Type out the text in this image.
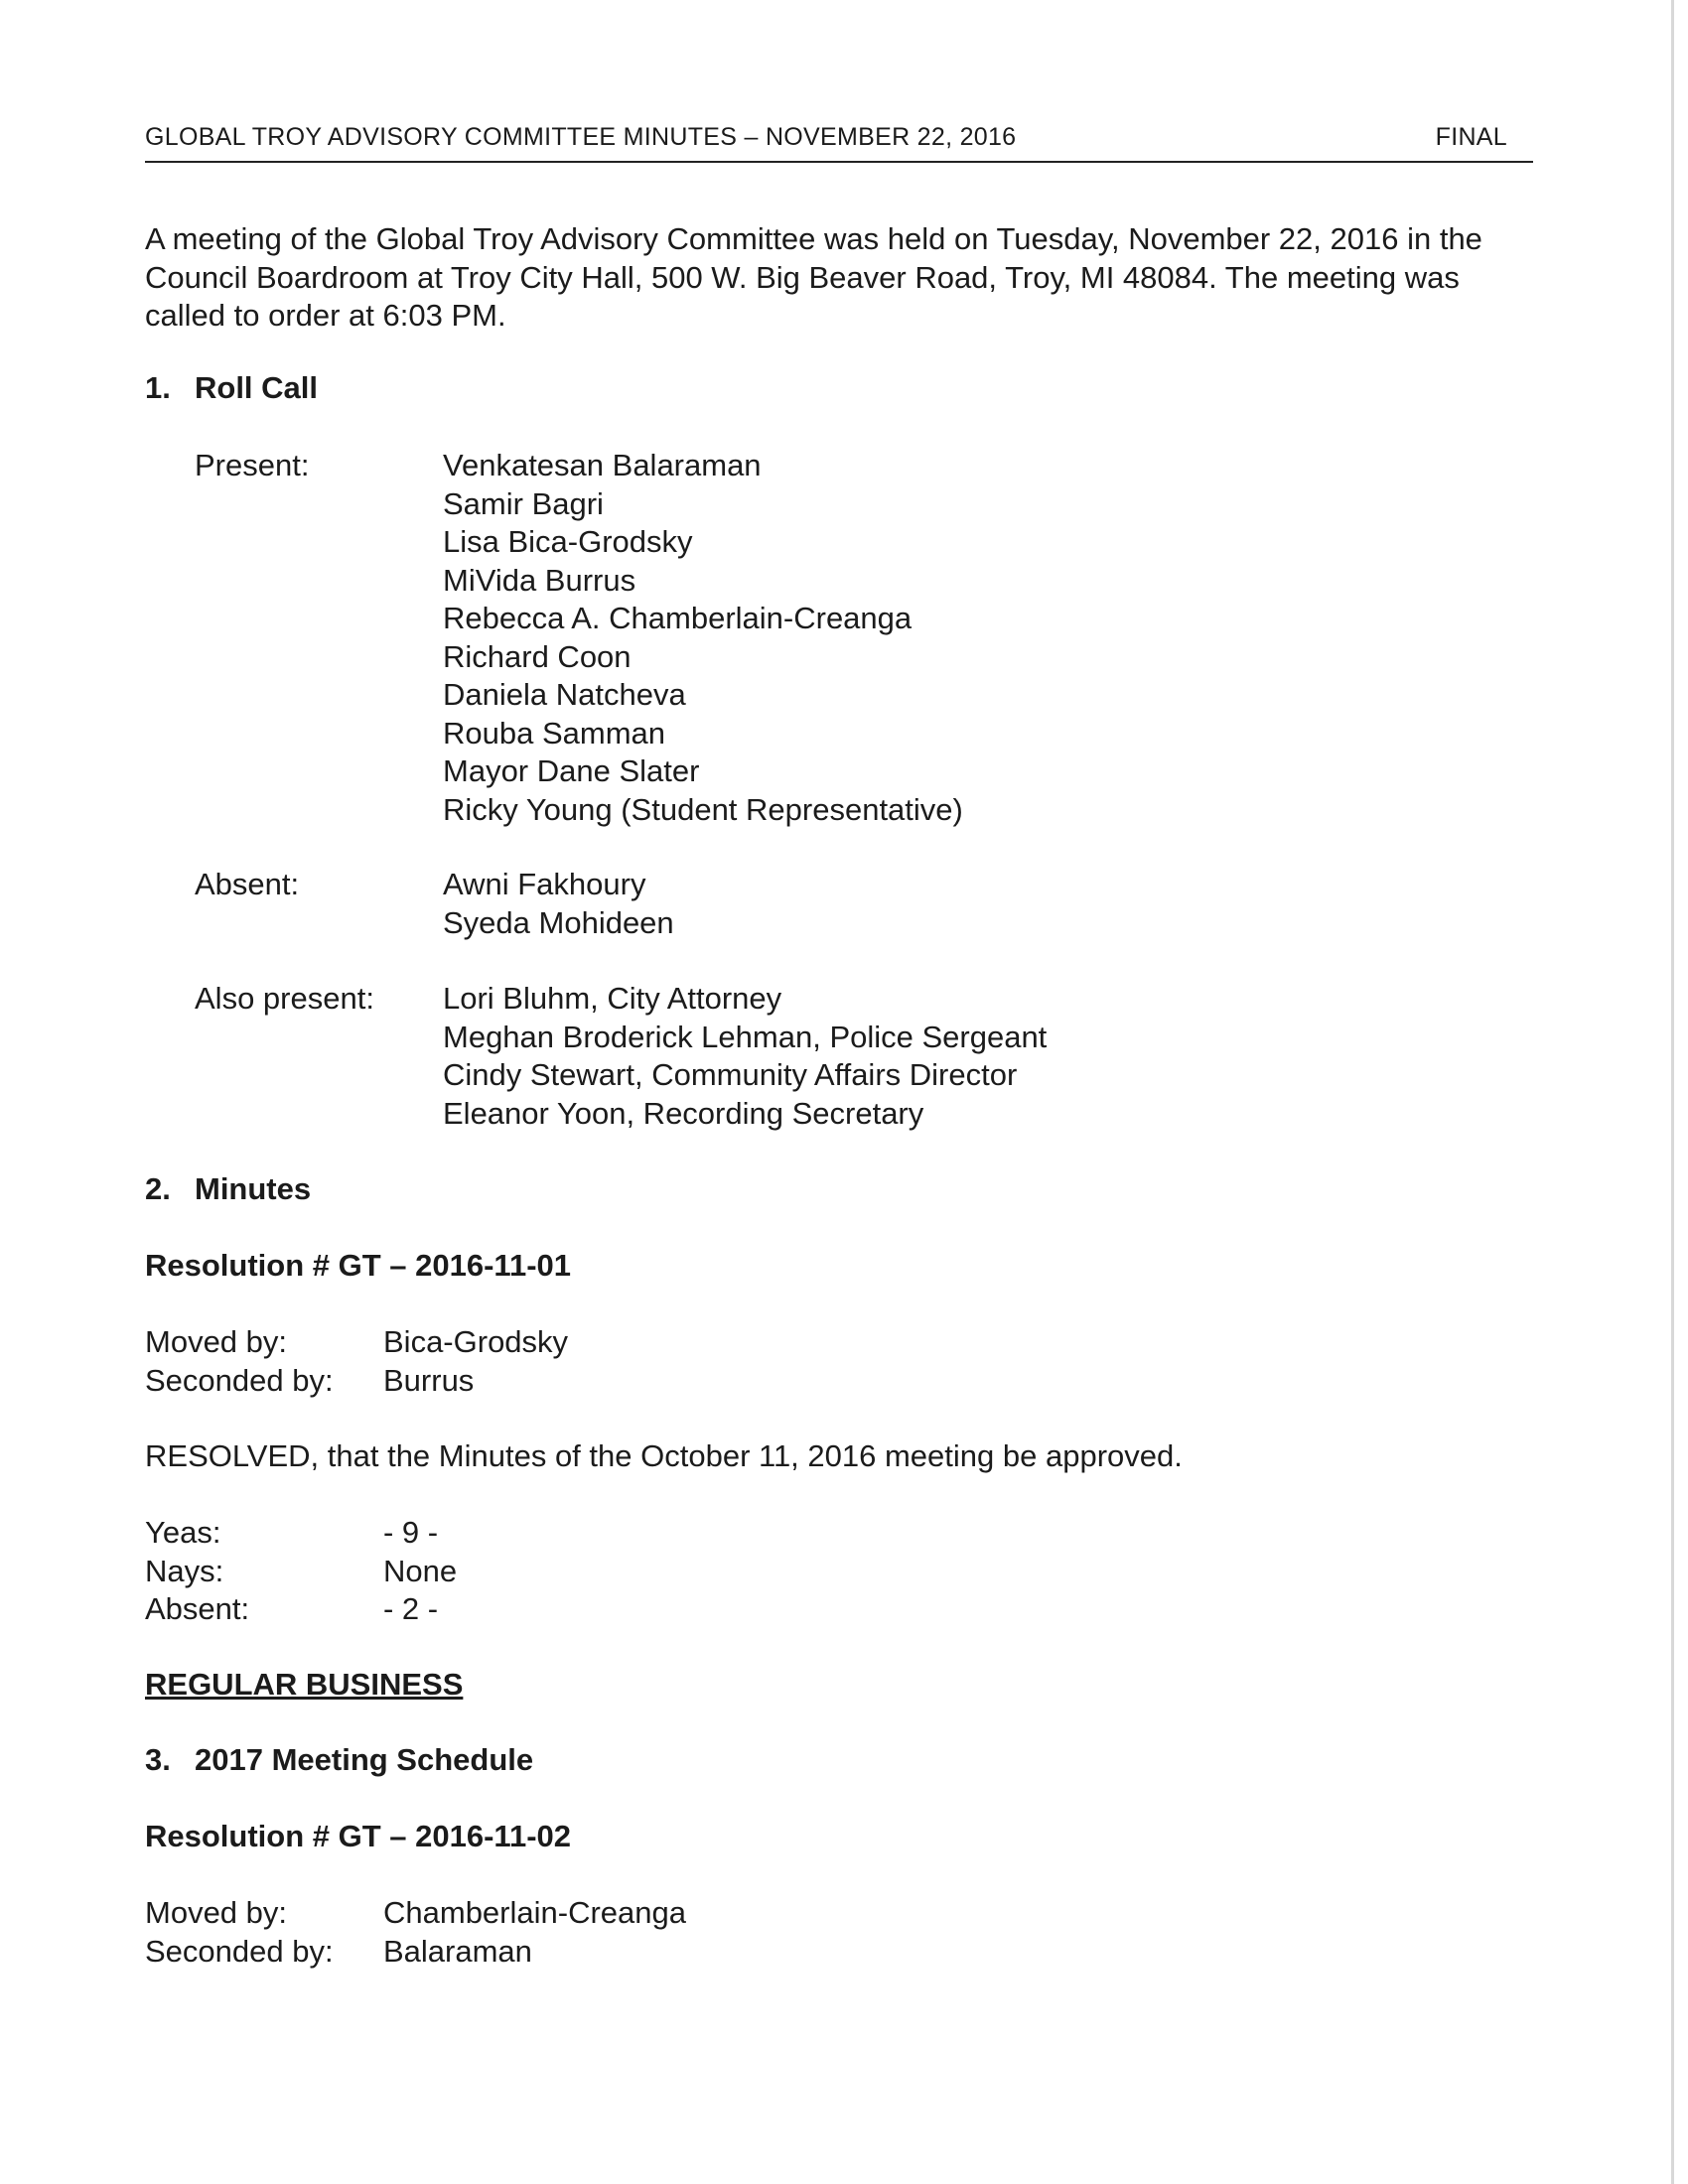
GLOBAL TROY ADVISORY COMMITTEE MINUTES – NOVEMBER 22, 2016	FINAL
A meeting of the Global Troy Advisory Committee was held on Tuesday, November 22, 2016 in the Council Boardroom at Troy City Hall, 500 W. Big Beaver Road, Troy, MI 48084. The meeting was called to order at 6:03 PM.
1. Roll Call
Present:	Venkatesan Balaraman
Samir Bagri
Lisa Bica-Grodsky
MiVida Burrus
Rebecca A. Chamberlain-Creanga
Richard Coon
Daniela Natcheva
Rouba Samman
Mayor Dane Slater
Ricky Young (Student Representative)
Absent:	Awni Fakhoury
Syeda Mohideen
Also present: Lori Bluhm, City Attorney
Meghan Broderick Lehman, Police Sergeant
Cindy Stewart, Community Affairs Director
Eleanor Yoon, Recording Secretary
2. Minutes
Resolution # GT – 2016-11-01
Moved by:	Bica-Grodsky
Seconded by: Burrus
RESOLVED, that the Minutes of the October 11, 2016 meeting be approved.
Yeas:	- 9 -
Nays:	None
Absent:	- 2 -
REGULAR BUSINESS
3. 2017 Meeting Schedule
Resolution # GT – 2016-11-02
Moved by:	Chamberlain-Creanga
Seconded by: Balaraman
